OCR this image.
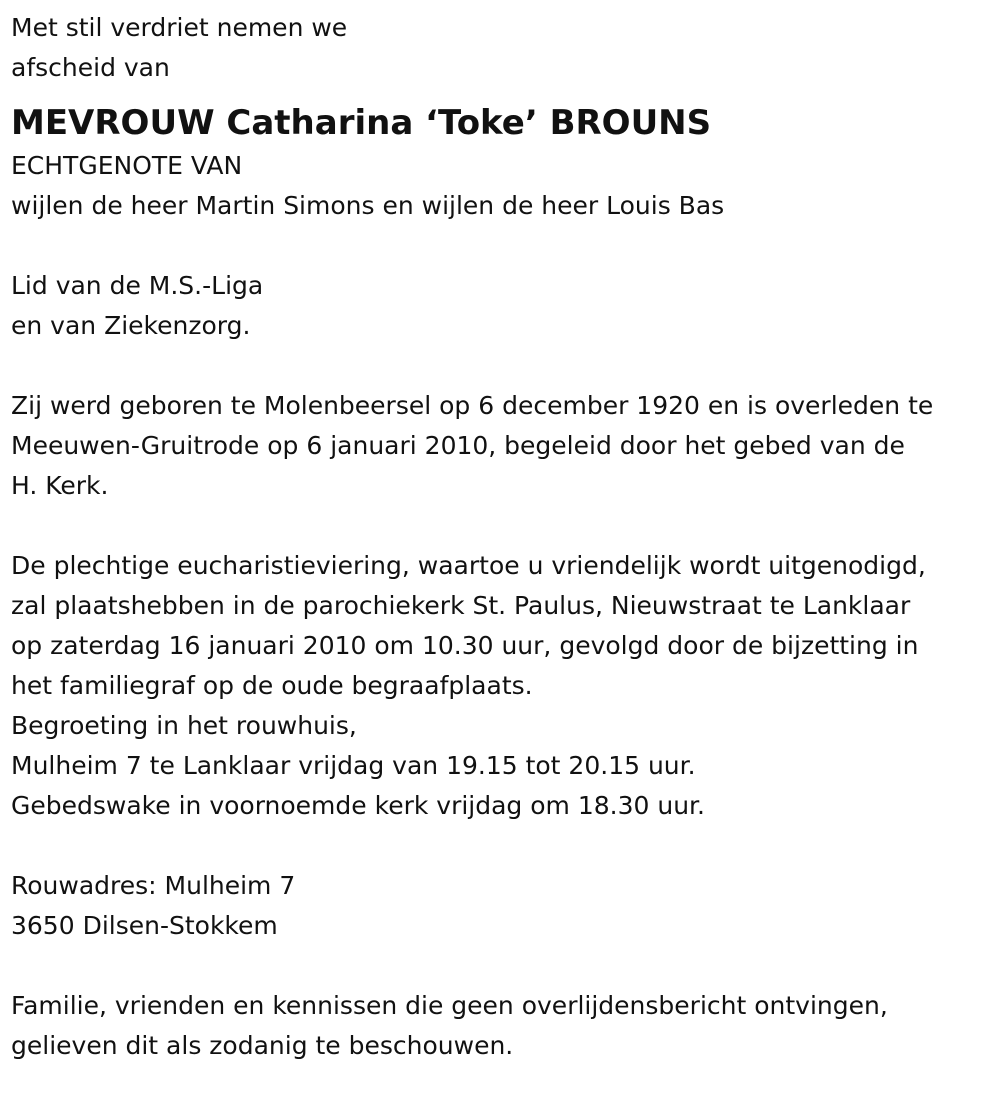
Met stil verdriet nemen we

afscheid van

MEVROUW Catharina ‘Toke’ BROUNS

ECHTGENOTE VAN

wijlen de heer Martin Simons en wijlen de heer Louis Bas

Lid van de M.S.-Liga

en van Ziekenzorg.

Zij werd geboren te Molenbeersel op 6 december 1920 en is overleden te

Meeuwen-Gruitrode op 6 januari 2010, begeleid door het gebed van de

H. Kerk.

De plechtige eucharistieviering, waartoe u vriendelijk wordt uitgenodigd,

zal plaatshebben in de parochiekerk St. Paulus, Nieuwstraat te Lanklaar

op zaterdag 16 januari 2010 om 10.30 uur, gevolgd door de bijzetting in

het familiegraf op de oude begraafplaats.

Begroeting in het rouwhuis,

Mulheim 7 te Lanklaar vrijdag van 19.15 tot 20.15 uur.

Gebedswake in voornoemde kerk vrijdag om 18.30 uur.

Rouwadres: Mulheim 7

3650 Dilsen-Stokkem

Familie, vrienden en kennissen die geen overlijdensbericht ontvingen,

gelieven dit als zodanig te beschouwen.
